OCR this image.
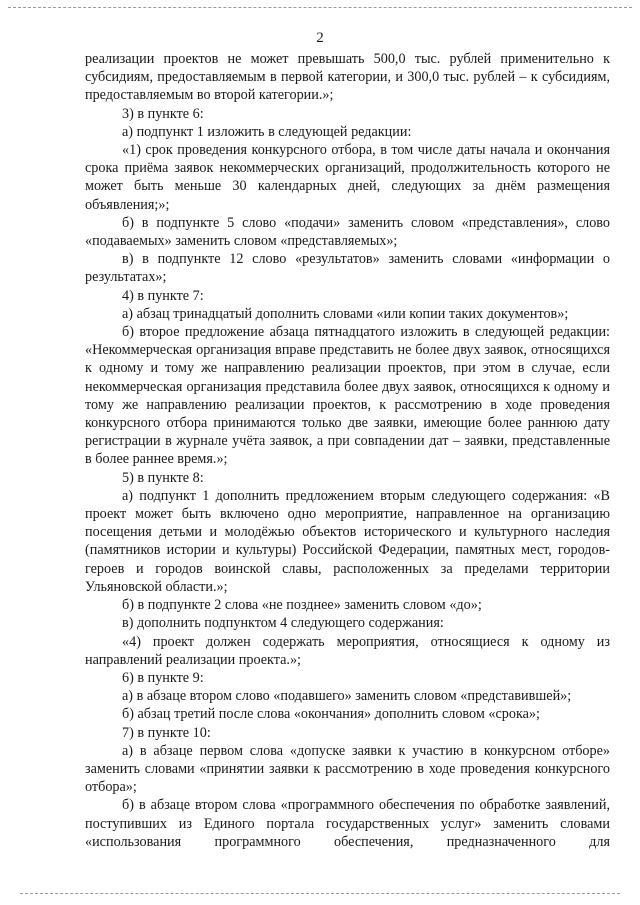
2

реализации проектов не может превышать 500,0 тыс. рублей применительно к субсидиям, предоставляемым в первой категории, и 300,0 тыс. рублей – к субсидиям, предоставляемым во второй категории.»;

3) в пункте 6:

а) подпункт 1 изложить в следующей редакции:

«1) срок проведения конкурсного отбора, в том числе даты начала и окончания срока приёма заявок некоммерческих организаций, продолжительность которого не может быть меньше 30 календарных дней, следующих за днём размещения объявления;»;

б) в подпункте 5 слово «подачи» заменить словом «представления», слово «подаваемых» заменить словом «представляемых»;

в) в подпункте 12 слово «результатов» заменить словами «информации о результатах»;

4) в пункте 7:

а) абзац тринадцатый дополнить словами «или копии таких документов»;

б) второе предложение абзаца пятнадцатого изложить в следующей редакции: «Некоммерческая организация вправе представить не более двух заявок, относящихся к одному и тому же направлению реализации проектов, при этом в случае, если некоммерческая организация представила более двух заявок, относящихся к одному и тому же направлению реализации проектов, к рассмотрению в ходе проведения конкурсного отбора принимаются только две заявки, имеющие более раннюю дату регистрации в журнале учёта заявок, а при совпадении дат – заявки, представленные в более раннее время.»;

5) в пункте 8:

а) подпункт 1 дополнить предложением вторым следующего содержания: «В проект может быть включено одно мероприятие, направленное на организацию посещения детьми и молодёжью объектов исторического и культурного наследия (памятников истории и культуры) Российской Федерации, памятных мест, городов-героев и городов воинской славы, расположенных за пределами территории Ульяновской области.»;

б) в подпункте 2 слова «не позднее» заменить словом «до»;

в) дополнить подпунктом 4 следующего содержания:

«4) проект должен содержать мероприятия, относящиеся к одному из направлений реализации проекта.»;

6) в пункте 9:

а) в абзаце втором слово «подавшего» заменить словом «представившей»;

б) абзац третий после слова «окончания» дополнить словом «срока»;

7) в пункте 10:

а) в абзаце первом слова «допуске заявки к участию в конкурсном отборе» заменить словами «принятии заявки к рассмотрению в ходе проведения конкурсного отбора»;

б) в абзаце втором слова «программного обеспечения по обработке заявлений, поступивших из Единого портала государственных услуг» заменить словами «использования программного обеспечения, предназначенного для
